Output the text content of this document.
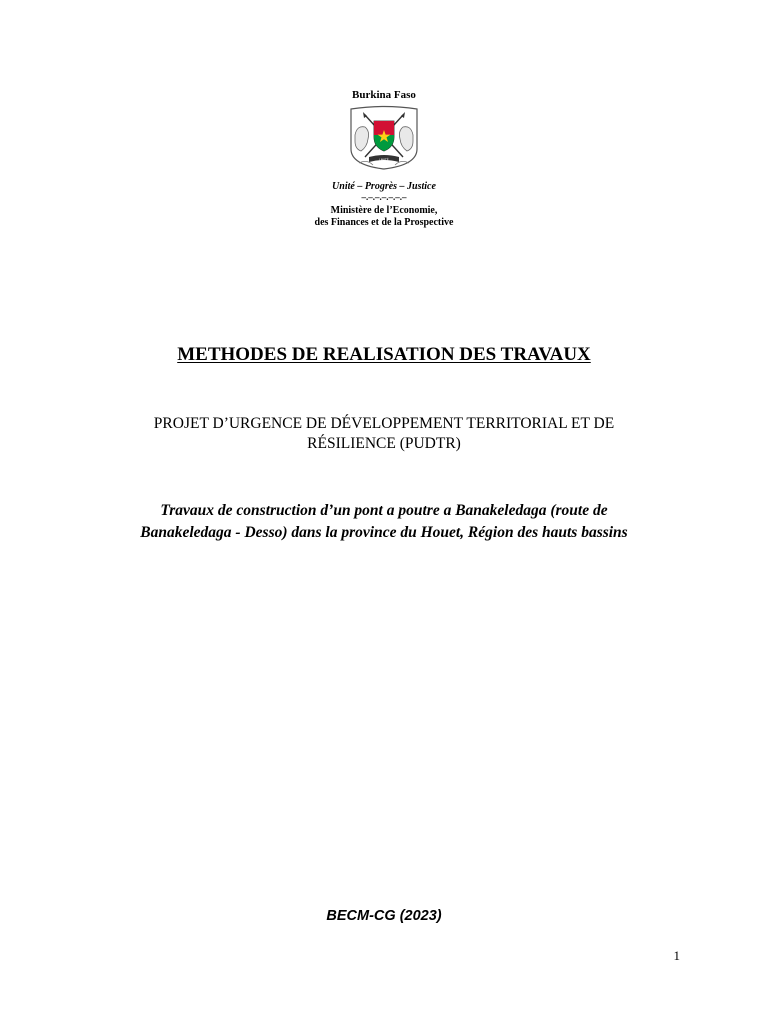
Burkina Faso
UNITÉ
Unité – Progrès – Justice
–.–.–.–.–.–.–
Ministère de l’Economie,
des Finances et de la Prospective
METHODES DE REALISATION DES TRAVAUX
PROJET D’URGENCE DE DÉVELOPPEMENT TERRITORIAL ET DE
RÉSILIENCE (PUDTR)
Travaux de construction d’un pont a poutre a Banakeledaga (route de
Banakeledaga - Desso) dans la province du Houet, Région des hauts bassins
BECM-CG (2023)
1
